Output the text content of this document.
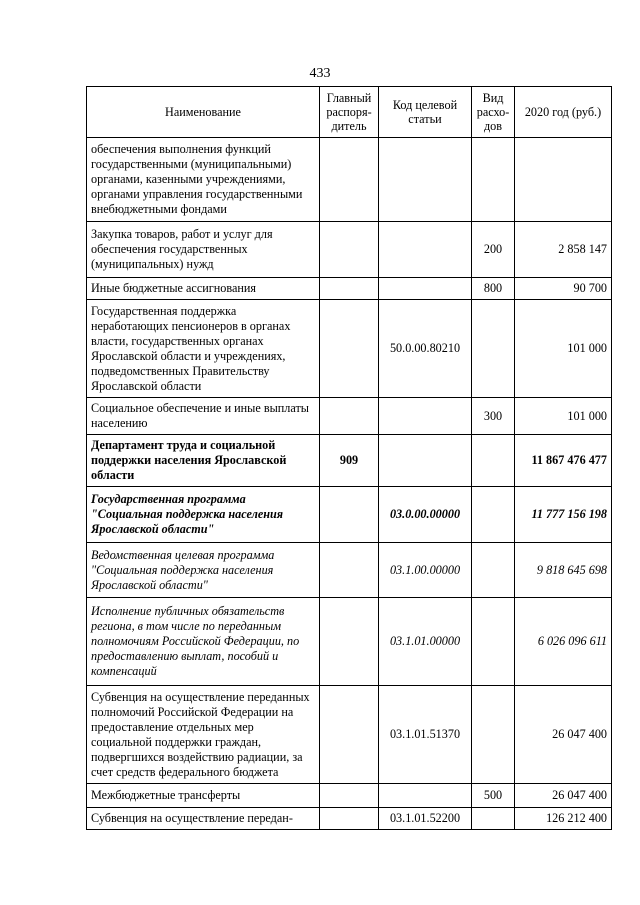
433
Наименование	Главный распоря-дитель	Код целевой статьи	Вид расхо-дов	2020 год (руб.)
обеспечения выполнения функций государственными (муниципальными) органами, казенными учреждениями, органами управления государственными внебюджетными фондами				
Закупка товаров, работ и услуг для обеспечения государственных (муниципальных) нужд			200	2 858 147
Иные бюджетные ассигнования			800	90 700
Государственная поддержка неработающих пенсионеров в органах власти, государственных органах Ярославской области и учреждениях, подведомственных Правительству Ярославской области		50.0.00.80210		101 000
Социальное обеспечение и иные выплаты населению			300	101 000
Департамент труда и социальной поддержки населения Ярославской области	909			11 867 476 477
Государственная программа "Социальная поддержка населения Ярославской области"		03.0.00.00000		11 777 156 198
Ведомственная целевая программа "Социальная поддержка населения Ярославской области"		03.1.00.00000		9 818 645 698
Исполнение публичных обязательств региона, в том числе по переданным полномочиям Российской Федерации, по предоставлению выплат, пособий и компенсаций		03.1.01.00000		6 026 096 611
Субвенция на осуществление переданных полномочий Российской Федерации на предоставление отдельных мер социальной поддержки граждан, подвергшихся воздействию радиации, за счет средств федерального бюджета		03.1.01.51370		26 047 400
Межбюджетные трансферты			500	26 047 400
Субвенция на осуществление передан-		03.1.01.52200		126 212 400
